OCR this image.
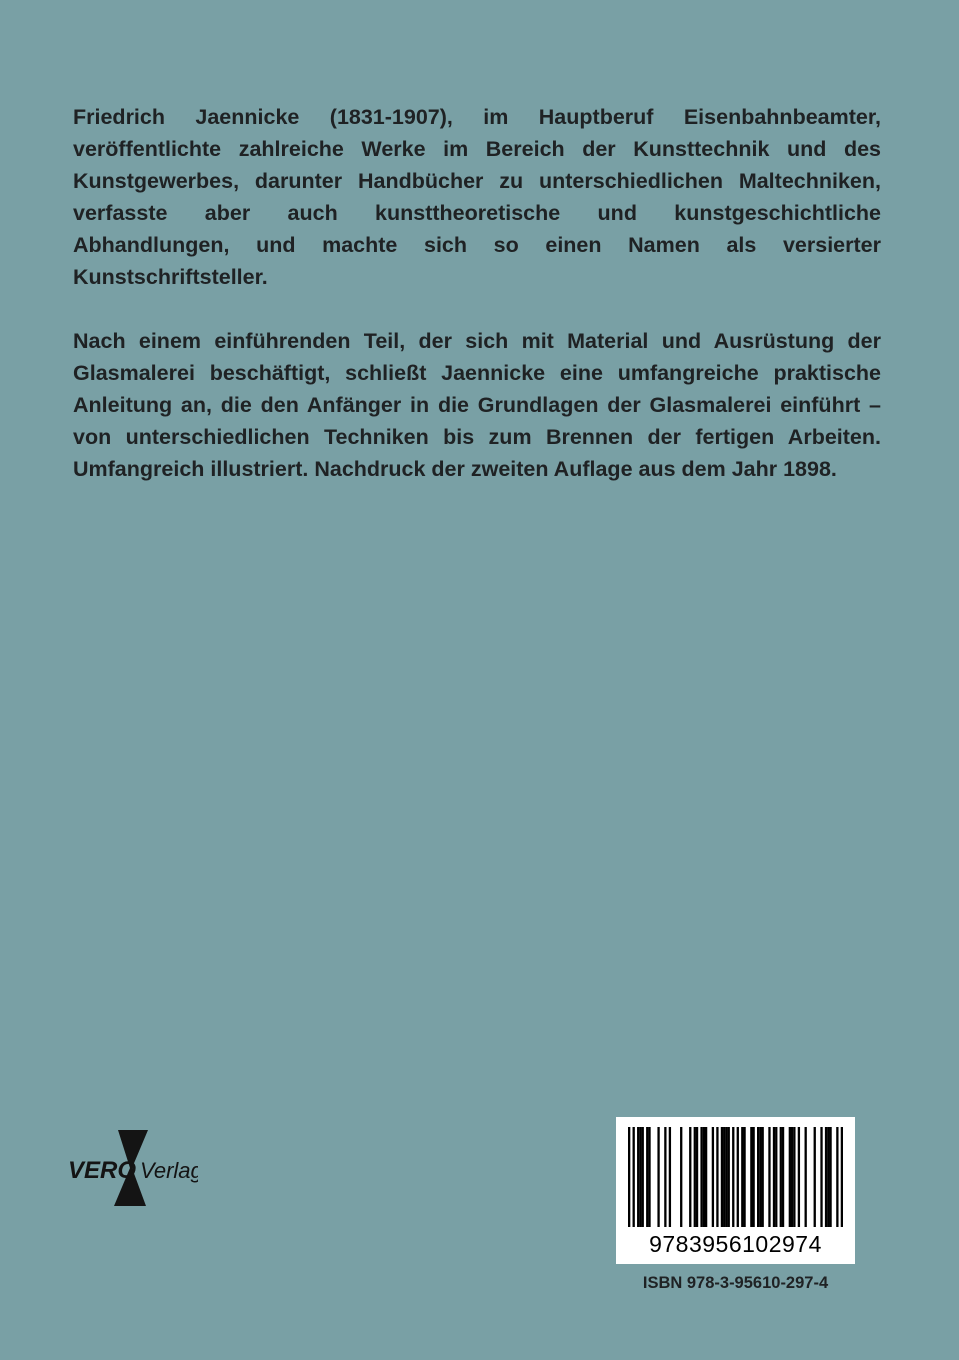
Friedrich Jaennicke (1831-1907), im Hauptberuf Eisenbahnbeamter, veröffentlichte zahlreiche Werke im Bereich der Kunsttechnik und des Kunstgewerbes, darunter Handbücher zu unterschiedlichen Maltechniken, verfasste aber auch kunsttheoretische und kunstgeschichtliche Abhandlungen, und machte sich so einen Namen als versierter Kunstschriftsteller.

Nach einem einführenden Teil, der sich mit Material und Ausrüstung der Glasmalerei beschäftigt, schließt Jaennicke eine umfangreiche praktische Anleitung an, die den Anfänger in die Grundlagen der Glasmalerei einführt – von unterschiedlichen Techniken bis zum Brennen der fertigen Arbeiten. Umfangreich illustriert. Nachdruck der zweiten Auflage aus dem Jahr 1898.

VERO Verlag
9783956102974
ISBN 978-3-95610-297-4
